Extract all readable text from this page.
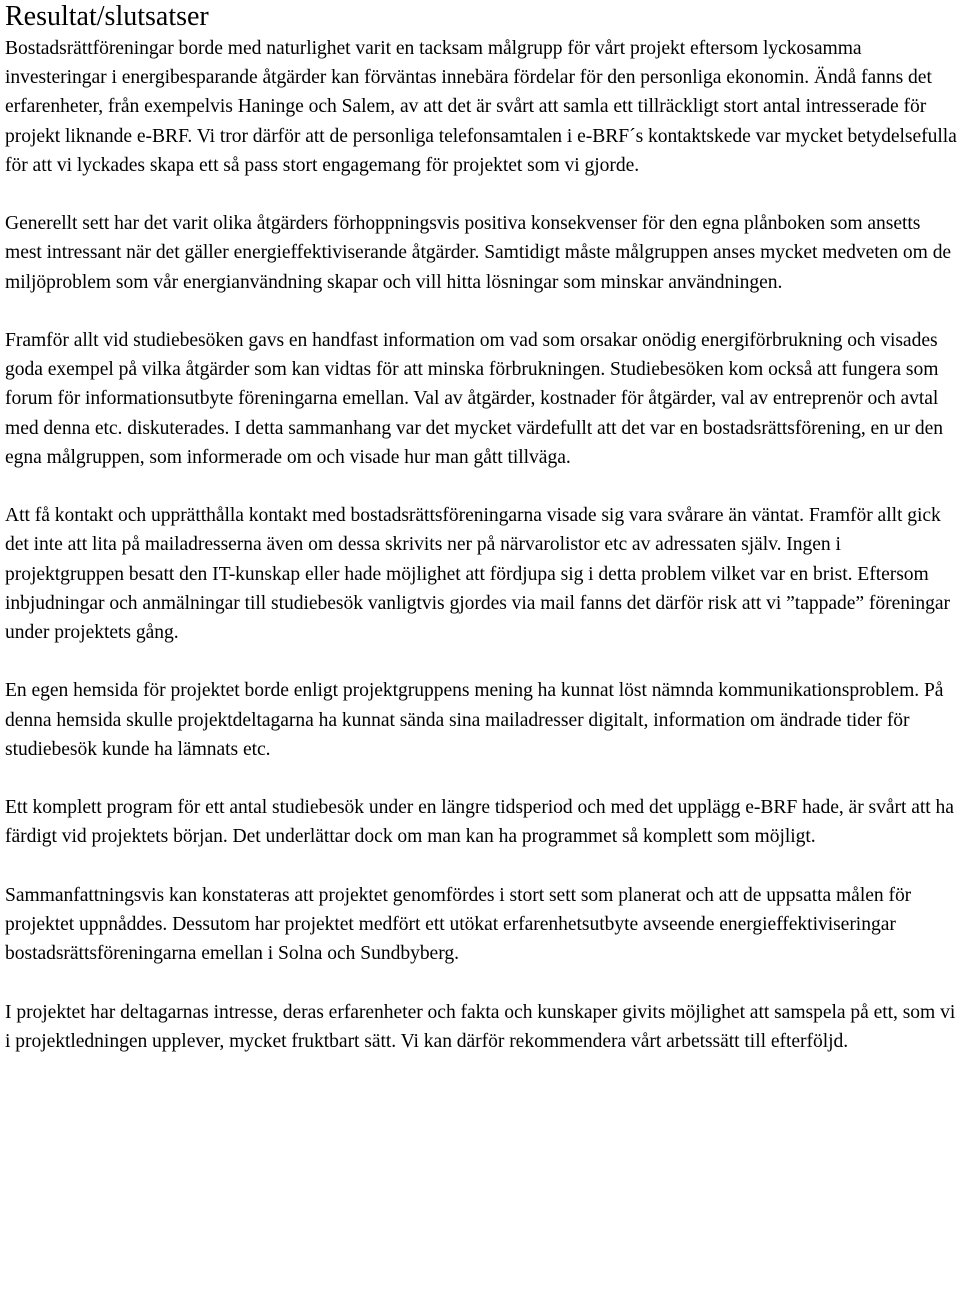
Resultat/slutsatser

Bostadsrättföreningar borde med naturlighet varit en tacksam målgrupp för vårt projekt eftersom lyckosamma investeringar i energibesparande åtgärder kan förväntas innebära fördelar för den personliga ekonomin. Ändå fanns det erfarenheter, från exempelvis Haninge och Salem, av att det är svårt att samla ett tillräckligt stort antal intresserade för projekt liknande e-BRF. Vi tror därför att de personliga telefonsamtalen i e-BRF´s kontaktskede var mycket betydelsefulla för att vi lyckades skapa ett så pass stort engagemang för projektet som vi gjorde.

Generellt sett har det varit olika åtgärders förhoppningsvis positiva konsekvenser för den egna plånboken som ansetts mest intressant när det gäller energieffektiviserande åtgärder. Samtidigt måste målgruppen anses mycket medveten om de miljöproblem som vår energianvändning skapar och vill hitta lösningar som minskar användningen.

Framför allt vid studiebesöken gavs en handfast information om vad som orsakar onödig energiförbrukning och visades goda exempel på vilka åtgärder som kan vidtas för att minska förbrukningen. Studiebesöken kom också att fungera som forum för informationsutbyte föreningarna emellan. Val av åtgärder, kostnader för åtgärder, val av entreprenör och avtal med denna etc. diskuterades. I detta sammanhang var det mycket värdefullt att det var en bostadsrättsförening, en ur den egna målgruppen, som informerade om och visade hur man gått tillväga.

Att få kontakt och upprätthålla kontakt med bostadsrättsföreningarna visade sig vara svårare än väntat. Framför allt gick det inte att lita på mailadresserna även om dessa skrivits ner på närvarolistor etc av adressaten själv. Ingen i projektgruppen besatt den IT-kunskap eller hade möjlighet att fördjupa sig i detta problem vilket var en brist. Eftersom inbjudningar och anmälningar till studiebesök vanligtvis gjordes via mail fanns det därför risk att vi ”tappade” föreningar under projektets gång.

En egen hemsida för projektet borde enligt projektgruppens mening ha kunnat löst nämnda kommunikationsproblem. På denna hemsida skulle projektdeltagarna ha kunnat sända sina mailadresser digitalt, information om ändrade tider för studiebesök kunde ha lämnats etc.

Ett komplett program för ett antal studiebesök under en längre tidsperiod och med det upplägg e-BRF hade, är svårt att ha färdigt vid projektets början. Det underlättar dock om man kan ha programmet så komplett som möjligt.

Sammanfattningsvis kan konstateras att projektet genomfördes i stort sett som planerat och att de uppsatta målen för projektet uppnåddes. Dessutom har projektet medfört ett utökat erfarenhetsutbyte avseende energieffektiviseringar bostadsrättsföreningarna emellan i Solna och Sundbyberg.

I projektet har deltagarnas intresse, deras erfarenheter och fakta och kunskaper givits möjlighet att samspela på ett, som vi i projektledningen upplever, mycket fruktbart sätt. Vi kan därför rekommendera vårt arbetssätt till efterföljd.
